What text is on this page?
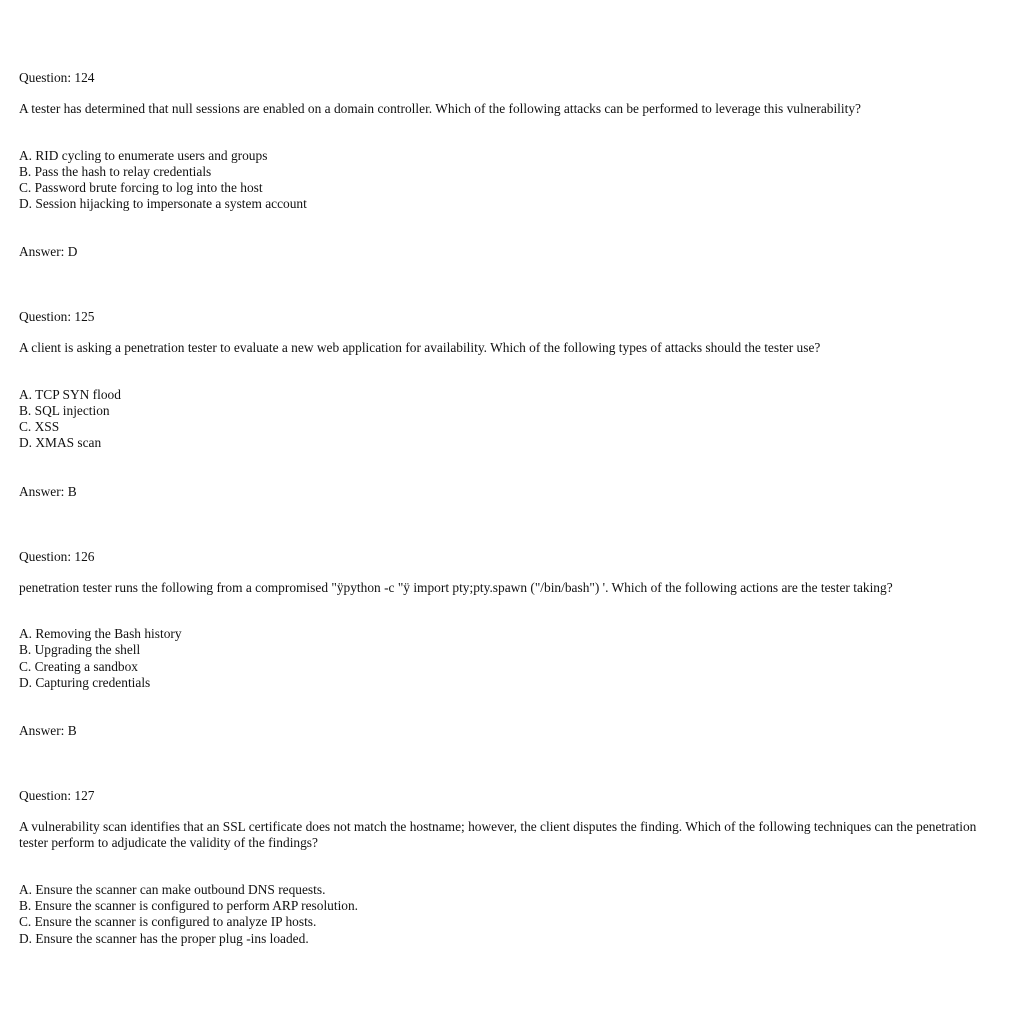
Question: 124
A tester has determined that null sessions are enabled on a domain controller. Which of the following attacks can be performed to leverage this vulnerability?
A. RID cycling to enumerate users and groups
B. Pass the hash to relay credentials
C. Password brute forcing to log into the host
D. Session hijacking to impersonate a system account
Answer: D
Question: 125
A client is asking a penetration tester to evaluate a new web application for availability. Which of the following types of attacks should the tester use?
A. TCP SYN flood
B. SQL injection
C. XSS
D. XMAS scan
Answer: B
Question: 126
penetration tester runs the following from a compromised "ÿpython -c "ÿ import pty;pty.spawn ("/bin/bash") '. Which of the following actions are the tester taking?
A. Removing the Bash history
B. Upgrading the shell
C. Creating a sandbox
D. Capturing credentials
Answer: B
Question: 127
A vulnerability scan identifies that an SSL certificate does not match the hostname; however, the client disputes the finding. Which of the following techniques can the penetration tester perform to adjudicate the validity of the findings?
A. Ensure the scanner can make outbound DNS requests.
B. Ensure the scanner is configured to perform ARP resolution.
C. Ensure the scanner is configured to analyze IP hosts.
D. Ensure the scanner has the proper plug -ins loaded.
